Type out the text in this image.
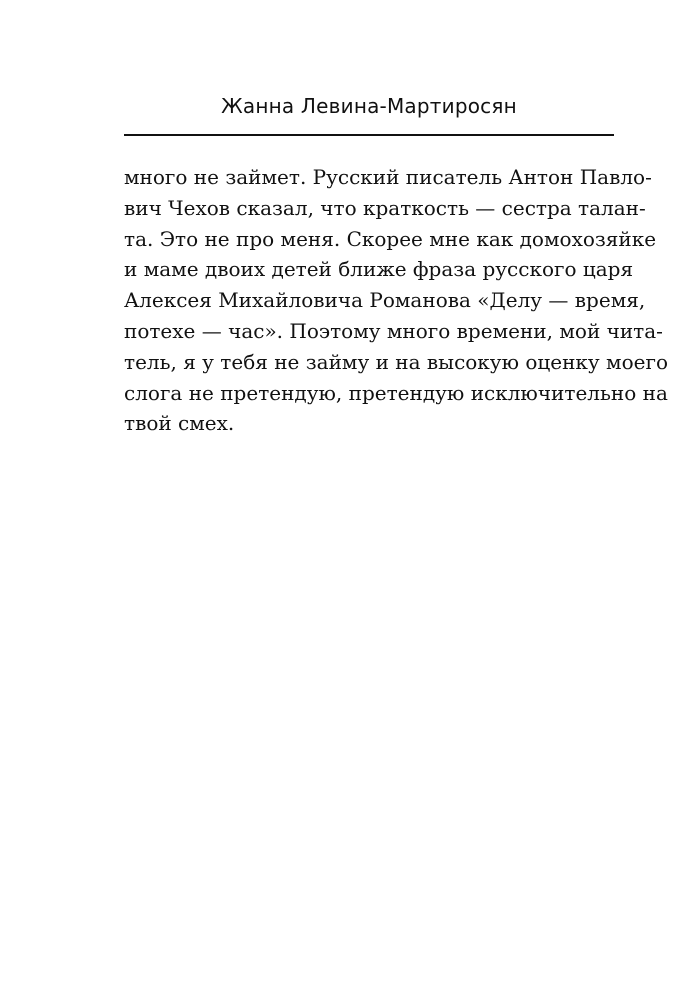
Жанна Левина-Мартиросян
много не займет. Русский писатель Антон Павло-
вич Чехов сказал, что краткость — сестра талан-
та. Это не про меня. Скорее мне как домохозяйке
и маме двоих детей ближе фраза русского царя
Алексея Михайловича Романова «Делу — время,
потехе — час». Поэтому много времени, мой чита-
тель, я у тебя не займу и на высокую оценку моего
слога не претендую, претендую исключительно на
твой смех.
